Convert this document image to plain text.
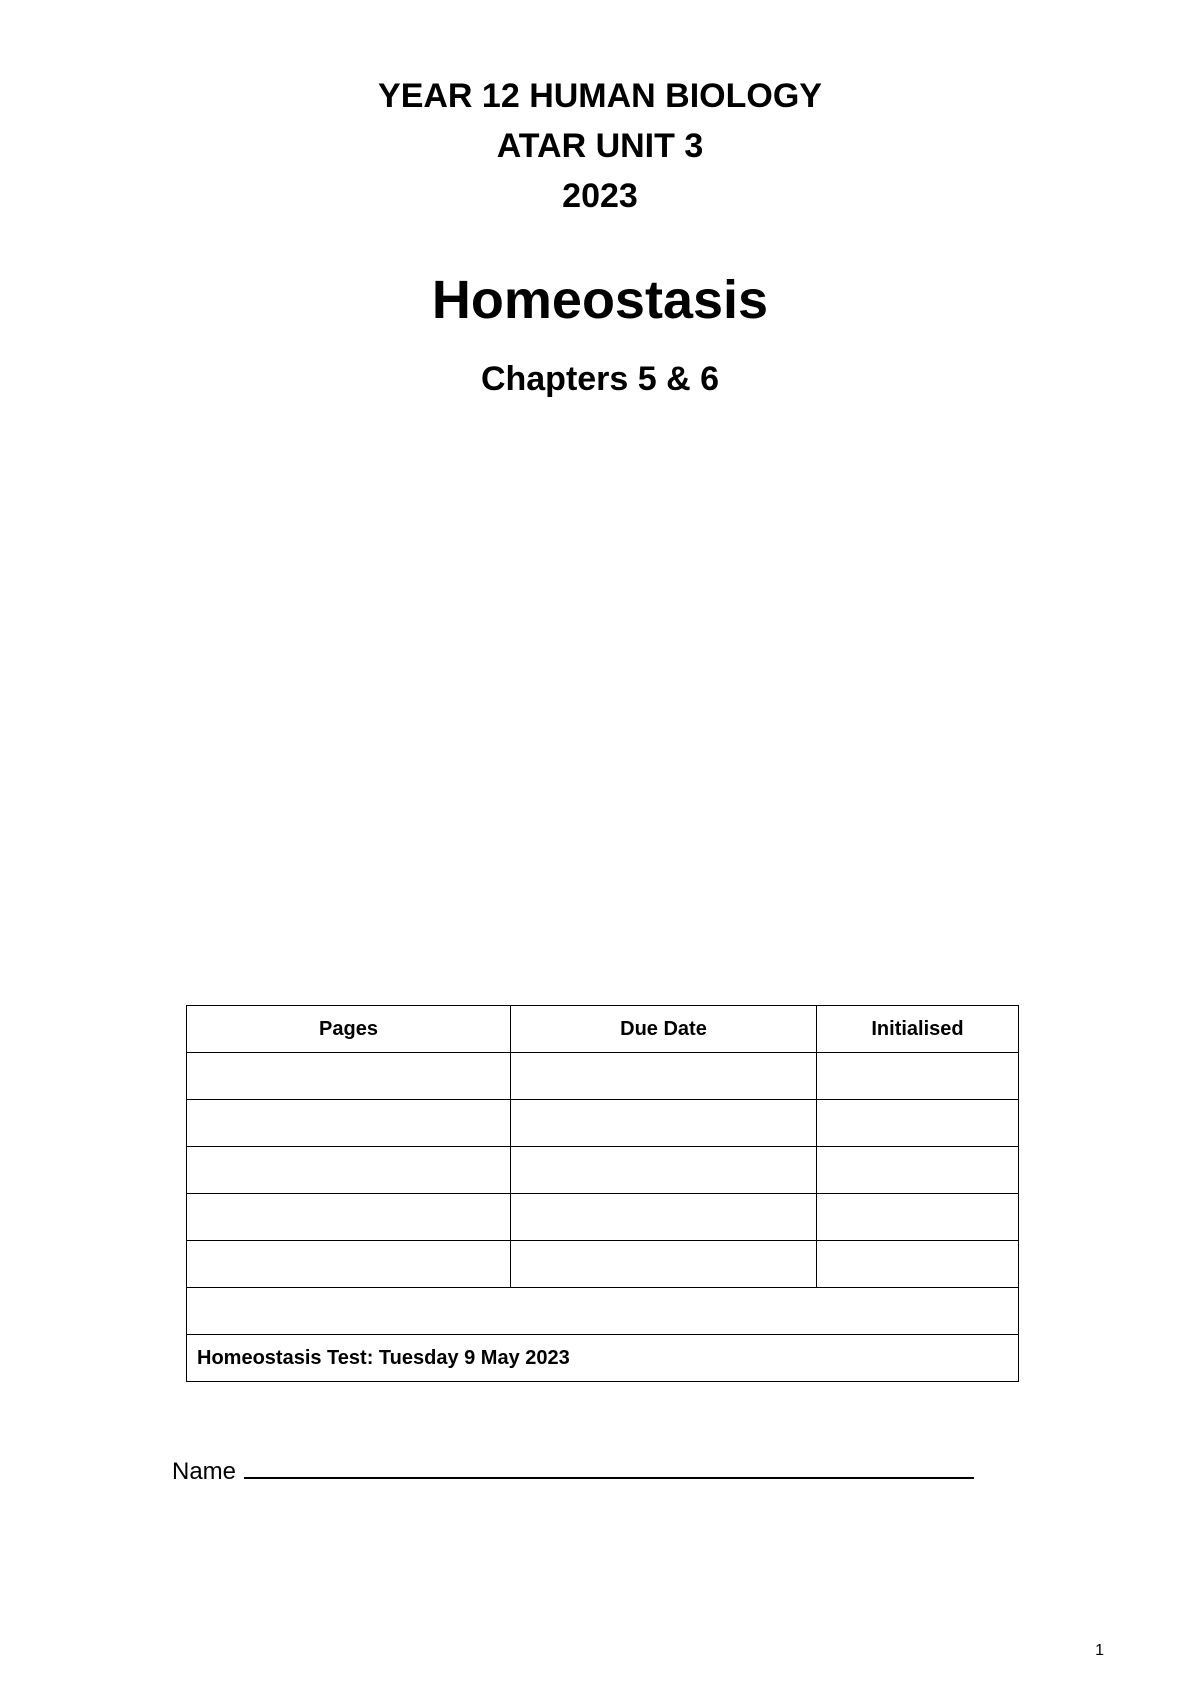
YEAR 12 HUMAN BIOLOGY
ATAR UNIT 3
2023
Homeostasis
Chapters 5 & 6
Pages	Due Date	Initialised

Homeostasis Test: Tuesday 9 May 2023		
Name
1
